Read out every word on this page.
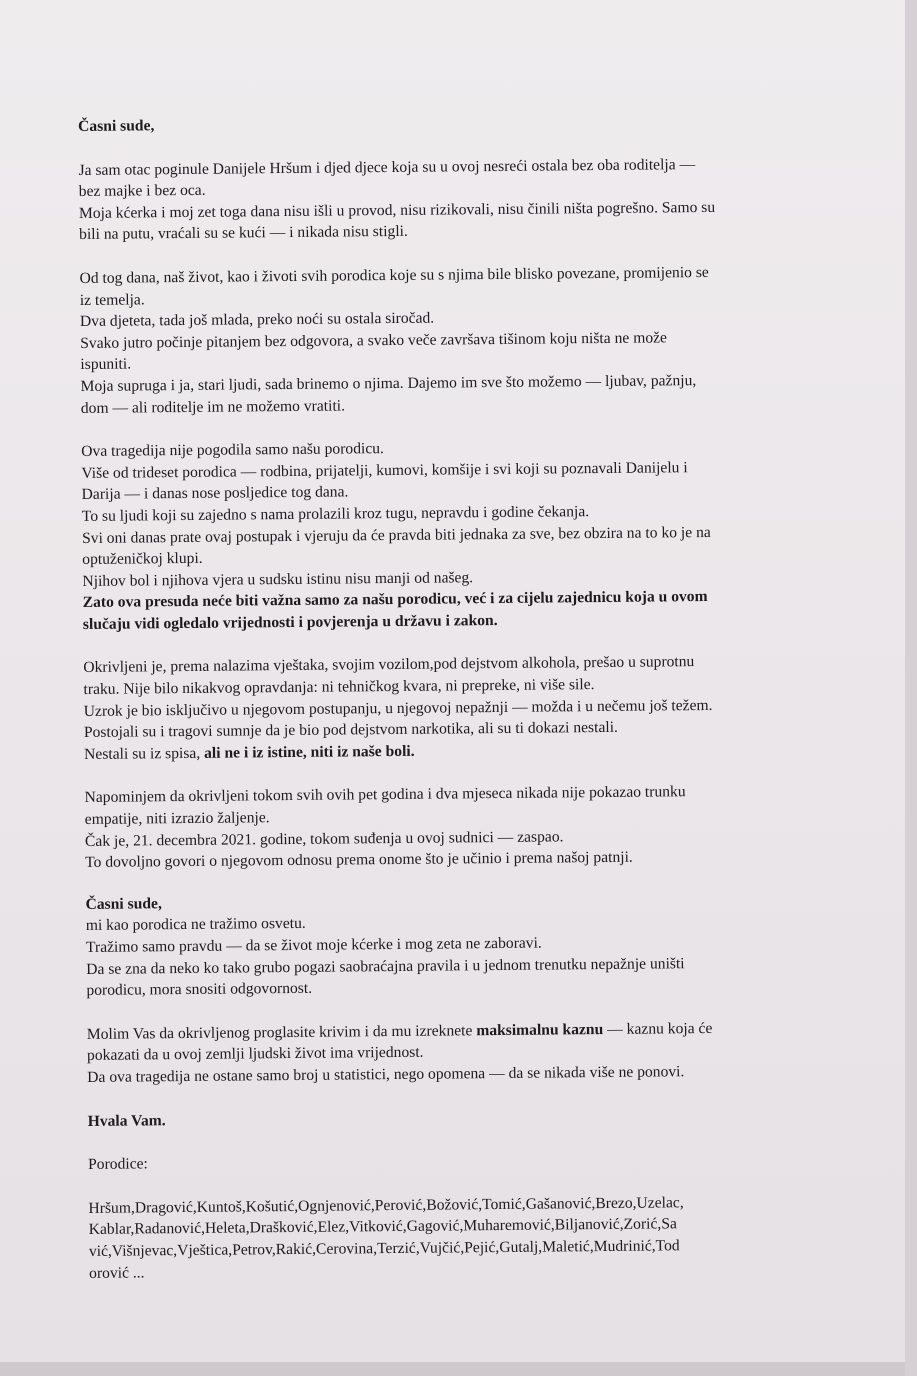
Časni sude,

Ja sam otac poginule Danijele Hršum i djed djece koja su u ovoj nesreći ostala bez oba roditelja —

bez majke i bez oca.

Moja kćerka i moj zet toga dana nisu išli u provod, nisu rizikovali, nisu činili ništa pogrešno. Samo su

bili na putu, vraćali su se kući — i nikada nisu stigli.

Od tog dana, naš život, kao i životi svih porodica koje su s njima bile blisko povezane, promijenio se

iz temelja.

Dva djeteta, tada još mlada, preko noći su ostala siročad.

Svako jutro počinje pitanjem bez odgovora, a svako veče završava tišinom koju ništa ne može

ispuniti.

Moja supruga i ja, stari ljudi, sada brinemo o njima. Dajemo im sve što možemo — ljubav, pažnju,

dom — ali roditelje im ne možemo vratiti.

Ova tragedija nije pogodila samo našu porodicu.

Više od trideset porodica — rodbina, prijatelji, kumovi, komšije i svi koji su poznavali Danijelu i

Darija — i danas nose posljedice tog dana.

To su ljudi koji su zajedno s nama prolazili kroz tugu, nepravdu i godine čekanja.

Svi oni danas prate ovaj postupak i vjeruju da će pravda biti jednaka za sve, bez obzira na to ko je na

optuženičkoj klupi.

Njihov bol i njihova vjera u sudsku istinu nisu manji od našeg.

Zato ova presuda neće biti važna samo za našu porodicu, već i za cijelu zajednicu koja u ovom

slučaju vidi ogledalo vrijednosti i povjerenja u državu i zakon.

Okrivljeni je, prema nalazima vještaka, svojim vozilom,pod dejstvom alkohola, prešao u suprotnu

traku. Nije bilo nikakvog opravdanja: ni tehničkog kvara, ni prepreke, ni više sile.

Uzrok je bio isključivo u njegovom postupanju, u njegovoj nepažnji — možda i u nečemu još težem.

Postojali su i tragovi sumnje da je bio pod dejstvom narkotika, ali su ti dokazi nestali.

Nestali su iz spisa, ali ne i iz istine, niti iz naše boli.

Napominjem da okrivljeni tokom svih ovih pet godina i dva mjeseca nikada nije pokazao trunku

empatije, niti izrazio žaljenje.

Čak je, 21. decembra 2021. godine, tokom suđenja u ovoj sudnici — zaspao.

To dovoljno govori o njegovom odnosu prema onome što je učinio i prema našoj patnji.

Časni sude,

mi kao porodica ne tražimo osvetu.

Tražimo samo pravdu — da se život moje kćerke i mog zeta ne zaboravi.

Da se zna da neko ko tako grubo pogazi saobraćajna pravila i u jednom trenutku nepažnje uništi

porodicu, mora snositi odgovornost.

Molim Vas da okrivljenog proglasite krivim i da mu izreknete maksimalnu kaznu — kaznu koja će

pokazati da u ovoj zemlji ljudski život ima vrijednost.

Da ova tragedija ne ostane samo broj u statistici, nego opomena — da se nikada više ne ponovi.

Hvala Vam.

Porodice:

Hršum,Dragović,Kuntoš,Košutić,Ognjenović,Perović,Božović,Tomić,Gašanović,Brezo,Uzelac,

Kablar,Radanović,Heleta,Drašković,Elez,Vitković,Gagović,Muharemović,Biljanović,Zorić,Sa

vić,Višnjevac,Vještica,Petrov,Rakić,Cerovina,Terzić,Vujčić,Pejić,Gutalj,Maletić,Mudrinić,Tod

orović ...
